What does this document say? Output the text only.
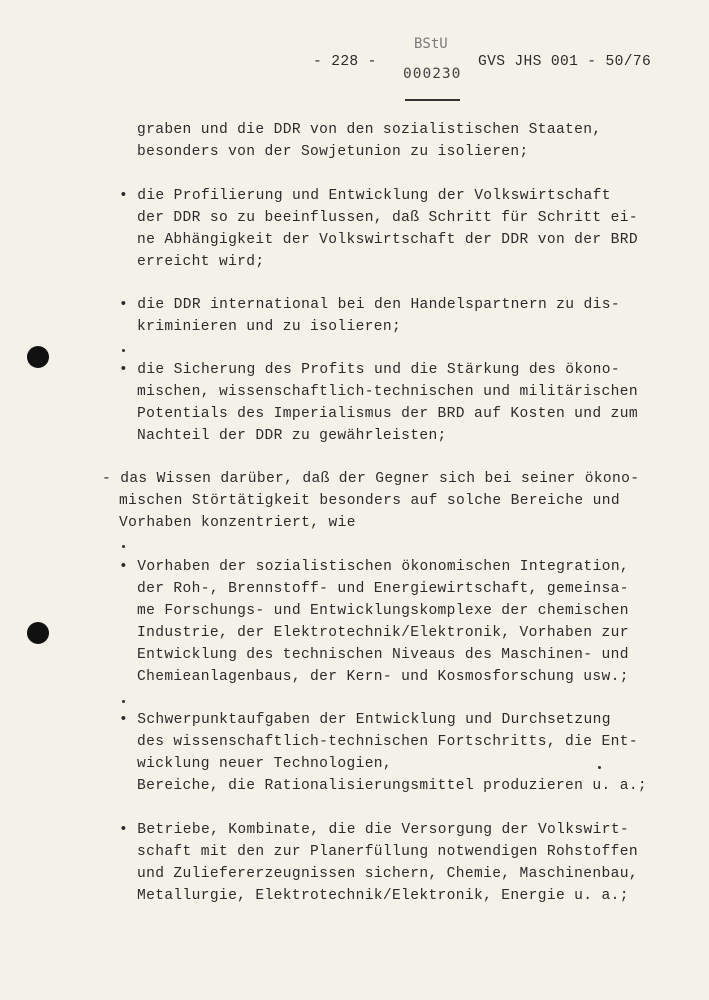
- 228 -
BStU
000230
GVS JHS 001 - 50/76
graben und die DDR von den sozialistischen Staaten,
besonders von der Sowjetunion zu isolieren;
• die Profilierung und Entwicklung der Volkswirtschaft
der DDR so zu beeinflussen, daß Schritt für Schritt ei-
ne Abhängigkeit der Volkswirtschaft der DDR von der BRD
erreicht wird;
• die DDR international bei den Handelspartnern zu dis-
kriminieren und zu isolieren;
• die Sicherung des Profits und die Stärkung des ökono-
mischen, wissenschaftlich-technischen und militärischen
Potentials des Imperialismus der BRD auf Kosten und zum
Nachteil der DDR zu gewährleisten;
- das Wissen darüber, daß der Gegner sich bei seiner ökono-
mischen Störtätigkeit besonders auf solche Bereiche und
Vorhaben konzentriert, wie
• Vorhaben der sozialistischen ökonomischen Integration,
der Roh-, Brennstoff- und Energiewirtschaft, gemeinsa-
me Forschungs- und Entwicklungskomplexe der chemischen
Industrie, der Elektrotechnik/Elektronik, Vorhaben zur
Entwicklung des technischen Niveaus des Maschinen- und
Chemieanlagenbaus, der Kern- und Kosmosforschung usw.;
• Schwerpunktaufgaben der Entwicklung und Durchsetzung
des wissenschaftlich-technischen Fortschritts, die Ent-
wicklung neuer Technologien,
Bereiche, die Rationalisierungsmittel produzieren u. a.;
• Betriebe, Kombinate, die die Versorgung der Volkswirt-
schaft mit den zur Planerfüllung notwendigen Rohstoffen
und Zuliefererzeugnissen sichern, Chemie, Maschinenbau,
Metallurgie, Elektrotechnik/Elektronik, Energie u. a.;
